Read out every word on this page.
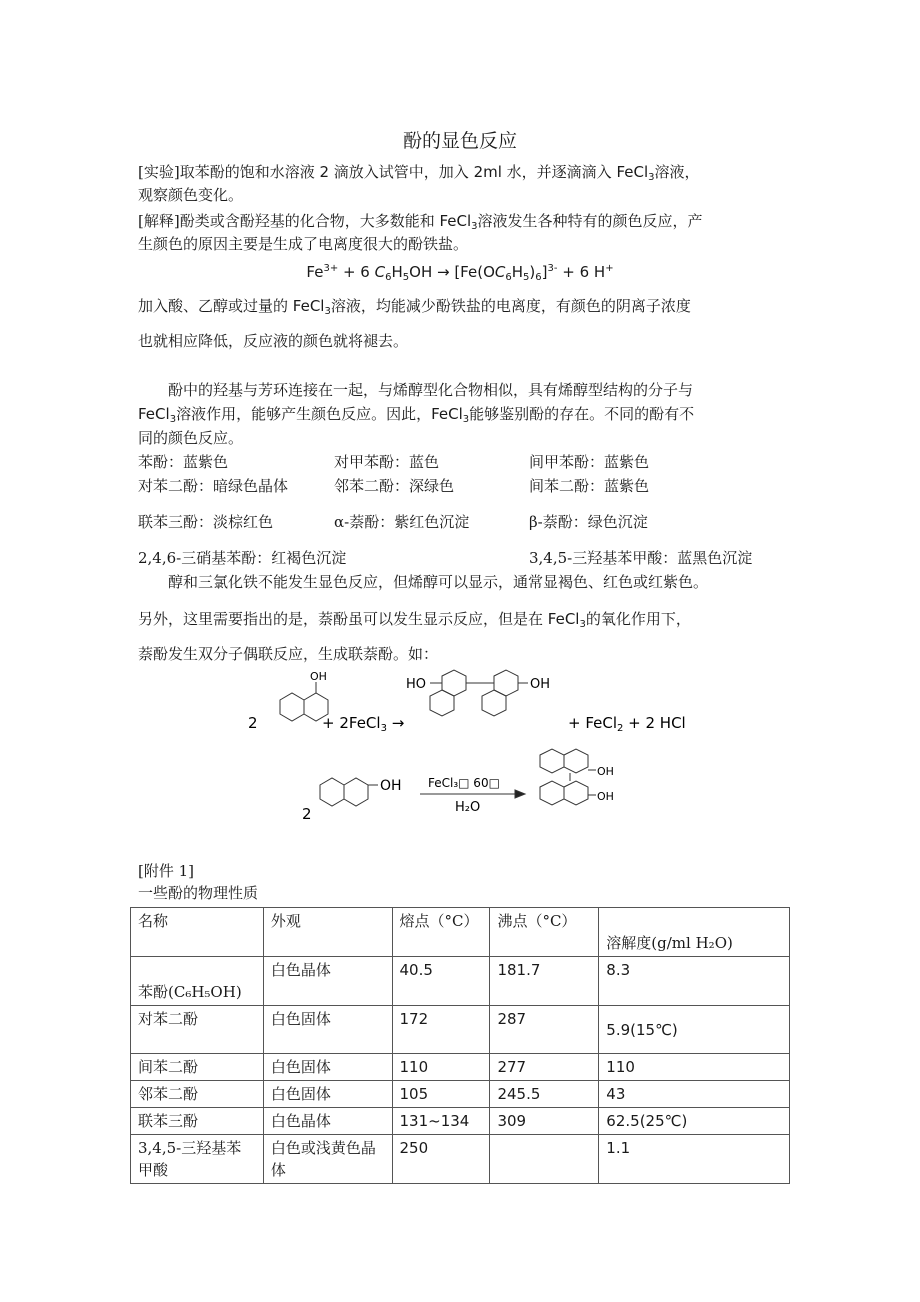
酚的显色反应
[实验]取苯酚的饱和水溶液 2 滴放入试管中，加入 2ml 水，并逐滴滴入 FeCl$_3$溶液，
观察颜色变化。
[解释]酚类或含酚羟基的化合物，大多数能和 FeCl$_3$溶液发生各种特有的颜色反应，产
生颜色的原因主要是生成了电离度很大的酚铁盐。
$Fe^{3+} + 6$ $C_6H_5OH \to [Fe(OC_6H_5)_6]^{3-} + 6$ H+
加入酸、乙醇或过量的 FeCl$_3$溶液，均能减少酚铁盐的电离度，有颜色的阴离子浓度
也就相应降低，反应液的颜色就将褪去。
酚中的羟基与芳环连接在一起，与烯醇型化合物相似，具有烯醇型结构的分子与
FeCl$_3$溶液作用，能够产生颜色反应。因此，FeCl$_3$能够鉴别酚的存在。不同的酚有不
同的颜色反应。
苯酚：蓝紫色	对甲苯酚：蓝色	间甲苯酚：蓝紫色
对苯二酚：暗绿色晶体	邻苯二酚：深绿色	间苯二酚：蓝紫色
联苯三酚：淡棕红色	α-萘酚：紫红色沉淀	β-萘酚：绿色沉淀
2,4,6-三硝基苯酚：红褐色沉淀	3,4,5-三羟基苯甲酸：蓝黑色沉淀
醇和三氯化铁不能发生显色反应，但烯醇可以显示，通常显褐色、红色或红紫色。
另外，这里需要指出的是，萘酚虽可以发生显示反应，但是在 FeCl$_3$的氧化作用下，
萘酚发生双分子偶联反应，生成联萘酚。如：
OH
HO	OH
2	+ 2FeCl$_3$ →	+ FeCl$_2$ + 2 HCl
OH
2
FeCl₃□ 60□
H₂O
OH
OH
[附件 1]
一些酚的物理性质
名称	外观	熔点（°C）	沸点（°C）	溶解度(g/ml H₂O)
苯酚(C₆H₅OH)	白色晶体	40.5	181.7	8.3
对苯二酚	白色固体	172	287	5.9(15℃)
间苯二酚	白色固体	110	277	110
邻苯二酚	白色固体	105	245.5	43
联苯三酚	白色晶体	131~134	309	62.5(25℃)
3,4,5-三羟基苯甲酸	白色或浅黄色晶体	250		1.1
